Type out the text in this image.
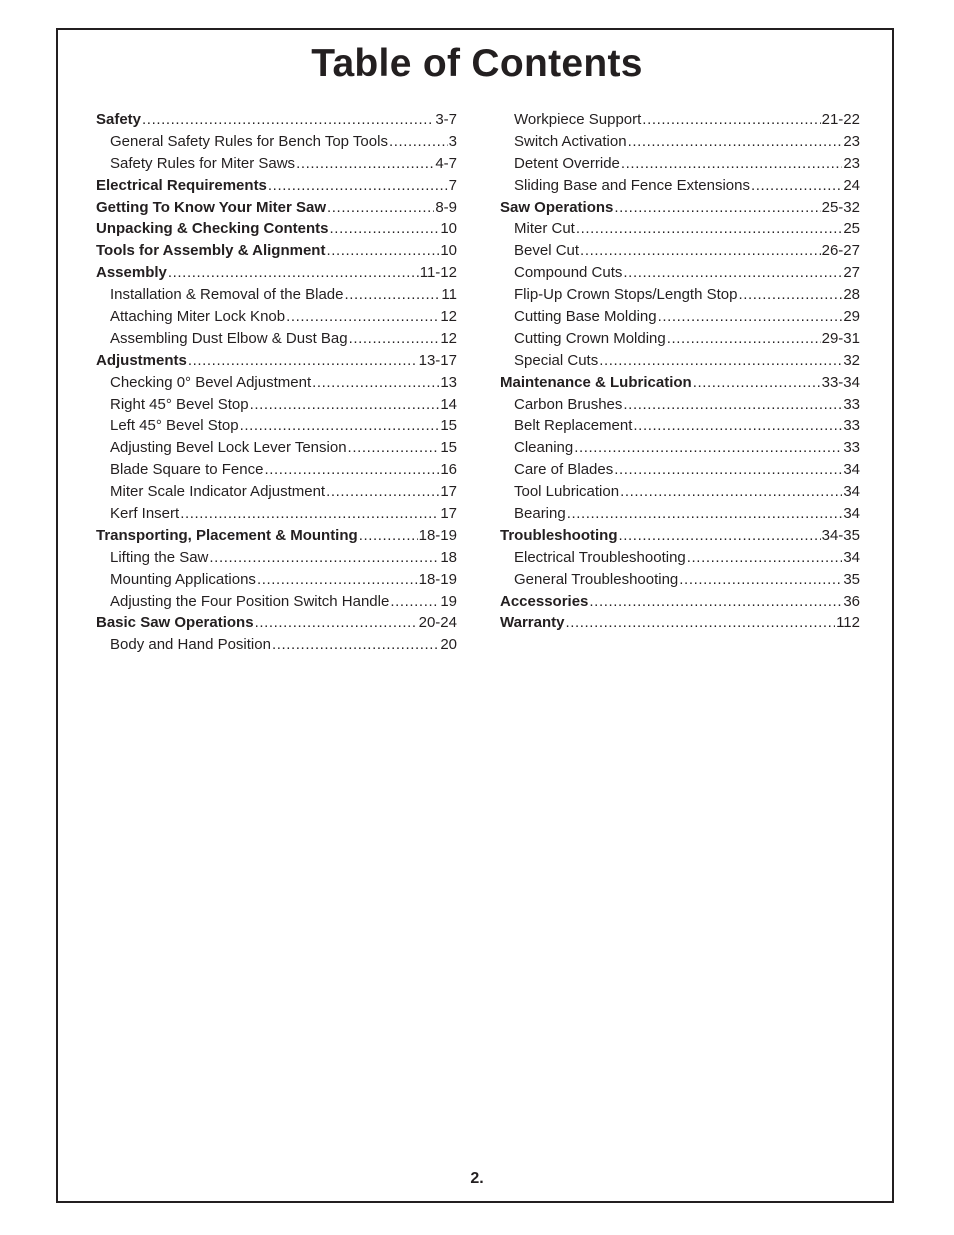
Table of Contents
Safety .....	3-7
General Safety Rules for Bench Top Tools .....	3
Safety Rules for Miter Saws .....	4-7
Electrical Requirements .....	7
Getting To Know Your Miter Saw .....	8-9
Unpacking & Checking Contents .....	10
Tools for Assembly & Alignment .....	10
Assembly .....	11-12
Installation & Removal of the Blade .....	11
Attaching Miter Lock Knob .....	12
Assembling Dust Elbow & Dust Bag .....	12
Adjustments .....	13-17
Checking 0° Bevel Adjustment .....	13
Right 45° Bevel Stop .....	14
Left 45° Bevel Stop .....	15
Adjusting Bevel Lock Lever Tension .....	15
Blade Square to Fence .....	16
Miter Scale Indicator Adjustment .....	17
Kerf Insert .....	17
Transporting, Placement & Mounting .....	18-19
Lifting the Saw .....	18
Mounting Applications .....	18-19
Adjusting the Four Position Switch Handle .....	19
Basic Saw Operations .....	20-24
Body and Hand Position .....	20
Workpiece Support .....	21-22
Switch Activation .....	23
Detent Override .....	23
Sliding Base and Fence Extensions .....	24
Saw Operations .....	25-32
Miter Cut .....	25
Bevel Cut .....	26-27
Compound Cuts .....	27
Flip-Up Crown Stops/Length Stop .....	28
Cutting Base Molding .....	29
Cutting Crown Molding .....	29-31
Special Cuts .....	32
Maintenance & Lubrication .....	33-34
Carbon Brushes .....	33
Belt Replacement .....	33
Cleaning .....	33
Care of Blades .....	34
Tool Lubrication .....	34
Bearing .....	34
Troubleshooting .....	34-35
Electrical Troubleshooting .....	34
General Troubleshooting .....	35
Accessories .....	36
Warranty .....	112
2.
